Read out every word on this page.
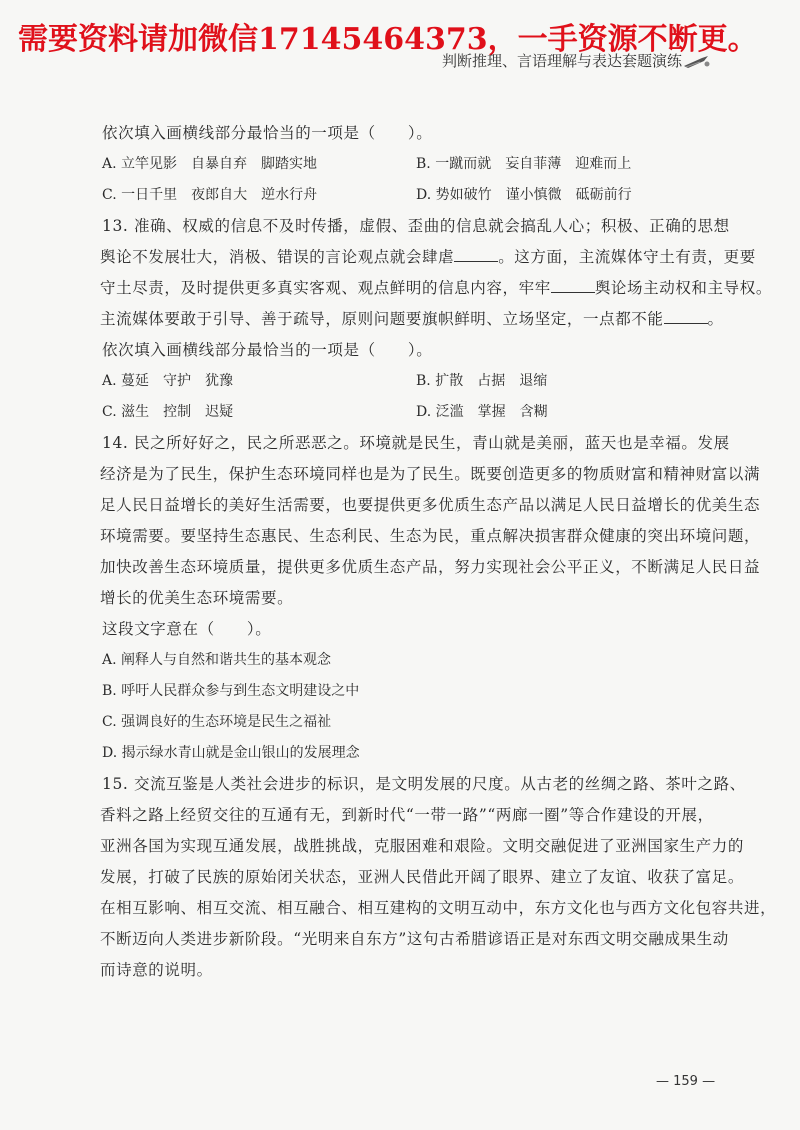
需要资料请加微信17145464373，一手资源不断更。
判断推理、言语理解与表达套题演练
依次填入画横线部分最恰当的一项是（　　）。
A. 立竿见影　自暴自弃　脚踏实地	B. 一蹴而就　妄自菲薄　迎难而上
C. 一日千里　夜郎自大　逆水行舟	D. 势如破竹　谨小慎微　砥砺前行
13. 准确、权威的信息不及时传播，虚假、歪曲的信息就会搞乱人心；积极、正确的思想
舆论不发展壮大，消极、错误的言论观点就会肆虐	。这方面，主流媒体守土有责，更要
守土尽责，及时提供更多真实客观、观点鲜明的信息内容，牢牢	舆论场主动权和主导权。
主流媒体要敢于引导、善于疏导，原则问题要旗帜鲜明、立场坚定，一点都不能	。
依次填入画横线部分最恰当的一项是（　　）。
A. 蔓延　守护　犹豫	B. 扩散　占据　退缩
C. 滋生　控制　迟疑	D. 泛滥　掌握　含糊
14. 民之所好好之，民之所恶恶之。环境就是民生，青山就是美丽，蓝天也是幸福。发展
经济是为了民生，保护生态环境同样也是为了民生。既要创造更多的物质财富和精神财富以满
足人民日益增长的美好生活需要，也要提供更多优质生态产品以满足人民日益增长的优美生态
环境需要。要坚持生态惠民、生态利民、生态为民，重点解决损害群众健康的突出环境问题，
加快改善生态环境质量，提供更多优质生态产品，努力实现社会公平正义，不断满足人民日益
增长的优美生态环境需要。
这段文字意在（　　）。
A. 阐释人与自然和谐共生的基本观念
B. 呼吁人民群众参与到生态文明建设之中
C. 强调良好的生态环境是民生之福祉
D. 揭示绿水青山就是金山银山的发展理念
15. 交流互鉴是人类社会进步的标识，是文明发展的尺度。从古老的丝绸之路、茶叶之路、
香料之路上经贸交往的互通有无，到新时代“一带一路”“两廊一圈”等合作建设的开展，
亚洲各国为实现互通发展，战胜挑战，克服困难和艰险。文明交融促进了亚洲国家生产力的
发展，打破了民族的原始闭关状态，亚洲人民借此开阔了眼界、建立了友谊、收获了富足。
在相互影响、相互交流、相互融合、相互建构的文明互动中，东方文化也与西方文化包容共进，
不断迈向人类进步新阶段。“光明来自东方”这句古希腊谚语正是对东西文明交融成果生动
而诗意的说明。
— 159 —
